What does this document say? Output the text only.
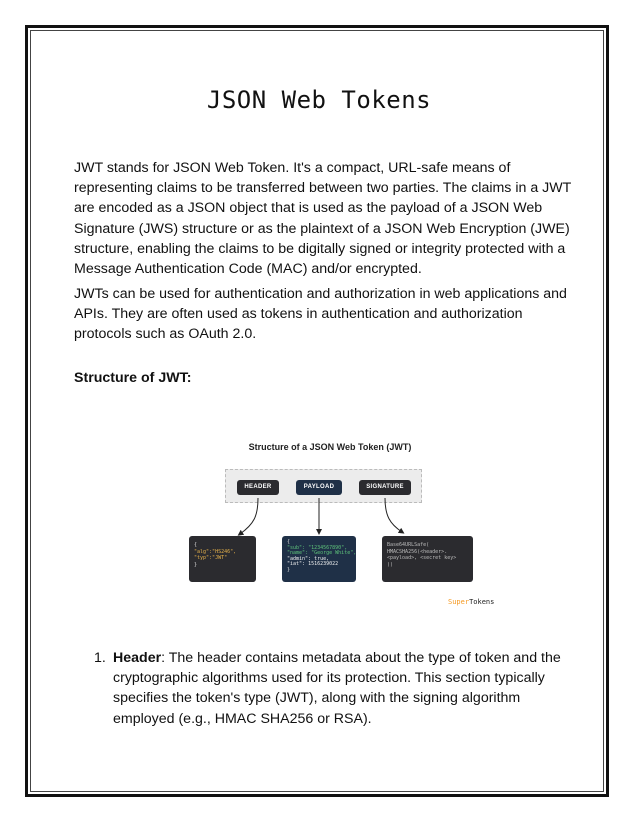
JSON Web Tokens

JWT stands for JSON Web Token. It's a compact, URL-safe means of representing claims to be transferred between two parties. The claims in a JWT are encoded as a JSON object that is used as the payload of a JSON Web Signature (JWS) structure or as the plaintext of a JSON Web Encryption (JWE) structure, enabling the claims to be digitally signed or integrity protected with a Message Authentication Code (MAC) and/or encrypted.

JWTs can be used for authentication and authorization in web applications and APIs. They are often used as tokens in authentication and authorization protocols such as OAuth 2.0.

Structure of JWT:
Structure of a JSON Web Token (JWT)
HEADER	PAYLOAD	SIGNATURE
{
"alg":"HS246",
"typ":"JWT"
}
{
"sub": "1234567890",
"name": "George White",
"admin": true,
"iat": 1516239022
}
Base64URLSafe(
HMACSHA256(<header>.
<payload>, <secret key>
))
SuperTokens
1. Header: The header contains metadata about the type of token and the cryptographic algorithms used for its protection. This section typically specifies the token's type (JWT), along with the signing algorithm employed (e.g., HMAC SHA256 or RSA).
